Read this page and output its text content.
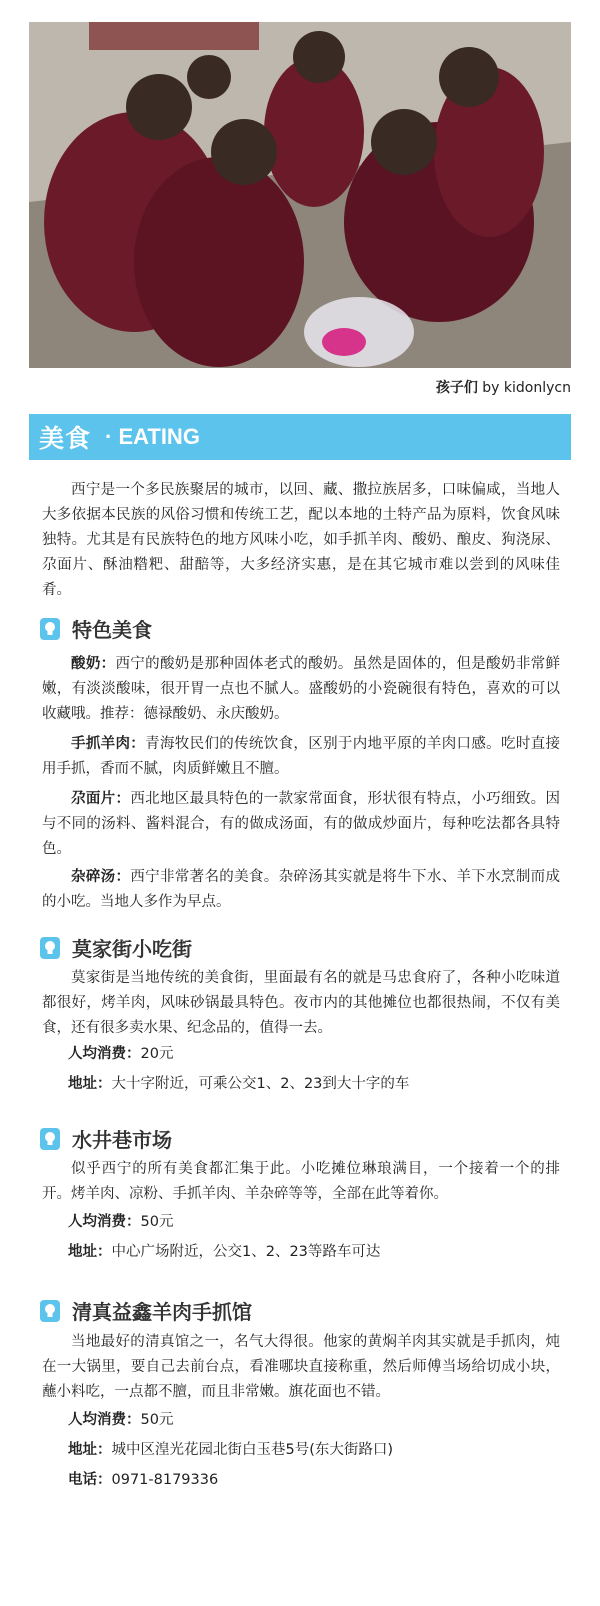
孩子们 by kidonlycn
美食 · EATING

西宁是一个多民族聚居的城市，以回、藏、撒拉族居多，口味偏咸，当地人大多依据本民族的风俗习惯和传统工艺，配以本地的土特产品为原料，饮食风味独特。尤其是有民族特色的地方风味小吃，如手抓羊肉、酸奶、酿皮、狗浇尿、尕面片、酥油糌粑、甜醅等，大多经济实惠，是在其它城市难以尝到的风味佳肴。

特色美食

酸奶：西宁的酸奶是那种固体老式的酸奶。虽然是固体的，但是酸奶非常鲜嫩，有淡淡酸味，很开胃一点也不腻人。盛酸奶的小瓷碗很有特色，喜欢的可以收藏哦。推荐：德禄酸奶、永庆酸奶。

手抓羊肉：青海牧民们的传统饮食，区别于内地平原的羊肉口感。吃时直接用手抓，香而不腻，肉质鲜嫩且不膻。

尕面片：西北地区最具特色的一款家常面食，形状很有特点，小巧细致。因与不同的汤料、酱料混合，有的做成汤面，有的做成炒面片，每种吃法都各具特色。

杂碎汤：西宁非常著名的美食。杂碎汤其实就是将牛下水、羊下水烹制而成的小吃。当地人多作为早点。

莫家街小吃街

莫家街是当地传统的美食街，里面最有名的就是马忠食府了，各种小吃味道都很好，烤羊肉，风味砂锅最具特色。夜市内的其他摊位也都很热闹，不仅有美食，还有很多卖水果、纪念品的，值得一去。

人均消费：20元
地址：大十字附近，可乘公交1、2、23到大十字的车
水井巷市场

似乎西宁的所有美食都汇集于此。小吃摊位琳琅满目，一个接着一个的排开。烤羊肉、凉粉、手抓羊肉、羊杂碎等等，全部在此等着你。

人均消费：50元
地址：中心广场附近，公交1、2、23等路车可达
清真益鑫羊肉手抓馆

当地最好的清真馆之一，名气大得很。他家的黄焖羊肉其实就是手抓肉，炖在一大锅里，要自己去前台点，看准哪块直接称重，然后师傅当场给切成小块，蘸小料吃，一点都不膻，而且非常嫩。旗花面也不错。

人均消费：50元
地址：城中区湟光花园北街白玉巷5号(东大街路口)
电话：0971-8179336
